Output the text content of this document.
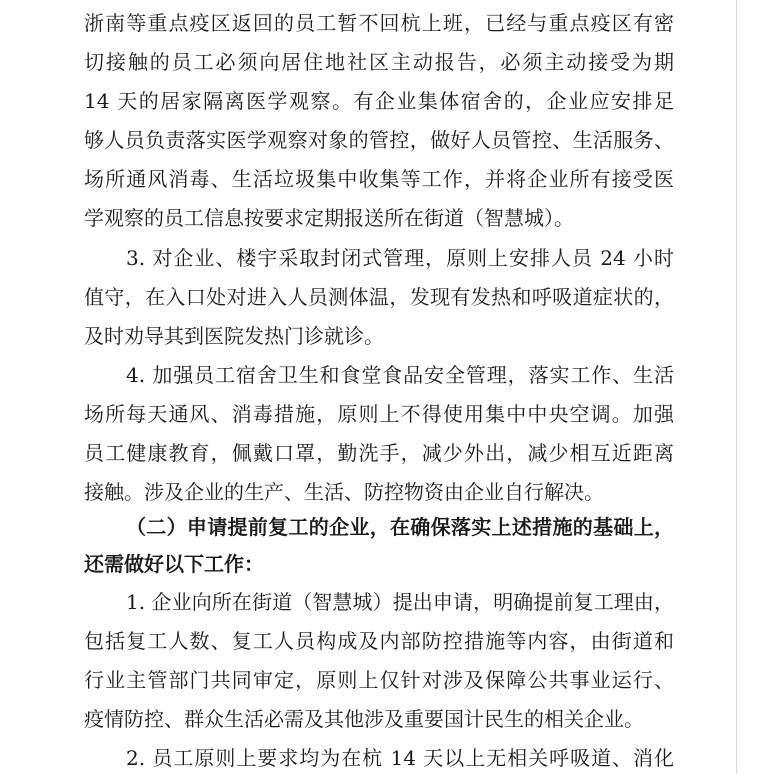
浙南等重点疫区返回的员工暂不回杭上班，已经与重点疫区有密
切接触的员工必须向居住地社区主动报告，必须主动接受为期
14 天的居家隔离医学观察。有企业集体宿舍的，企业应安排足
够人员负责落实医学观察对象的管控，做好人员管控、生活服务、
场所通风消毒、生活垃圾集中收集等工作，并将企业所有接受医
学观察的员工信息按要求定期报送所在街道（智慧城）。
3. 对企业、楼宇采取封闭式管理，原则上安排人员 24 小时
值守，在入口处对进入人员测体温，发现有发热和呼吸道症状的，
及时劝导其到医院发热门诊就诊。
4. 加强员工宿舍卫生和食堂食品安全管理，落实工作、生活
场所每天通风、消毒措施，原则上不得使用集中中央空调。加强
员工健康教育，佩戴口罩，勤洗手，减少外出，减少相互近距离
接触。涉及企业的生产、生活、防控物资由企业自行解决。
（二）申请提前复工的企业，在确保落实上述措施的基础上，
还需做好以下工作：
1. 企业向所在街道（智慧城）提出申请，明确提前复工理由，
包括复工人数、复工人员构成及内部防控措施等内容，由街道和
行业主管部门共同审定，原则上仅针对涉及保障公共事业运行、
疫情防控、群众生活必需及其他涉及重要国计民生的相关企业。
2. 员工原则上要求均为在杭 14 天以上无相关呼吸道、消化
